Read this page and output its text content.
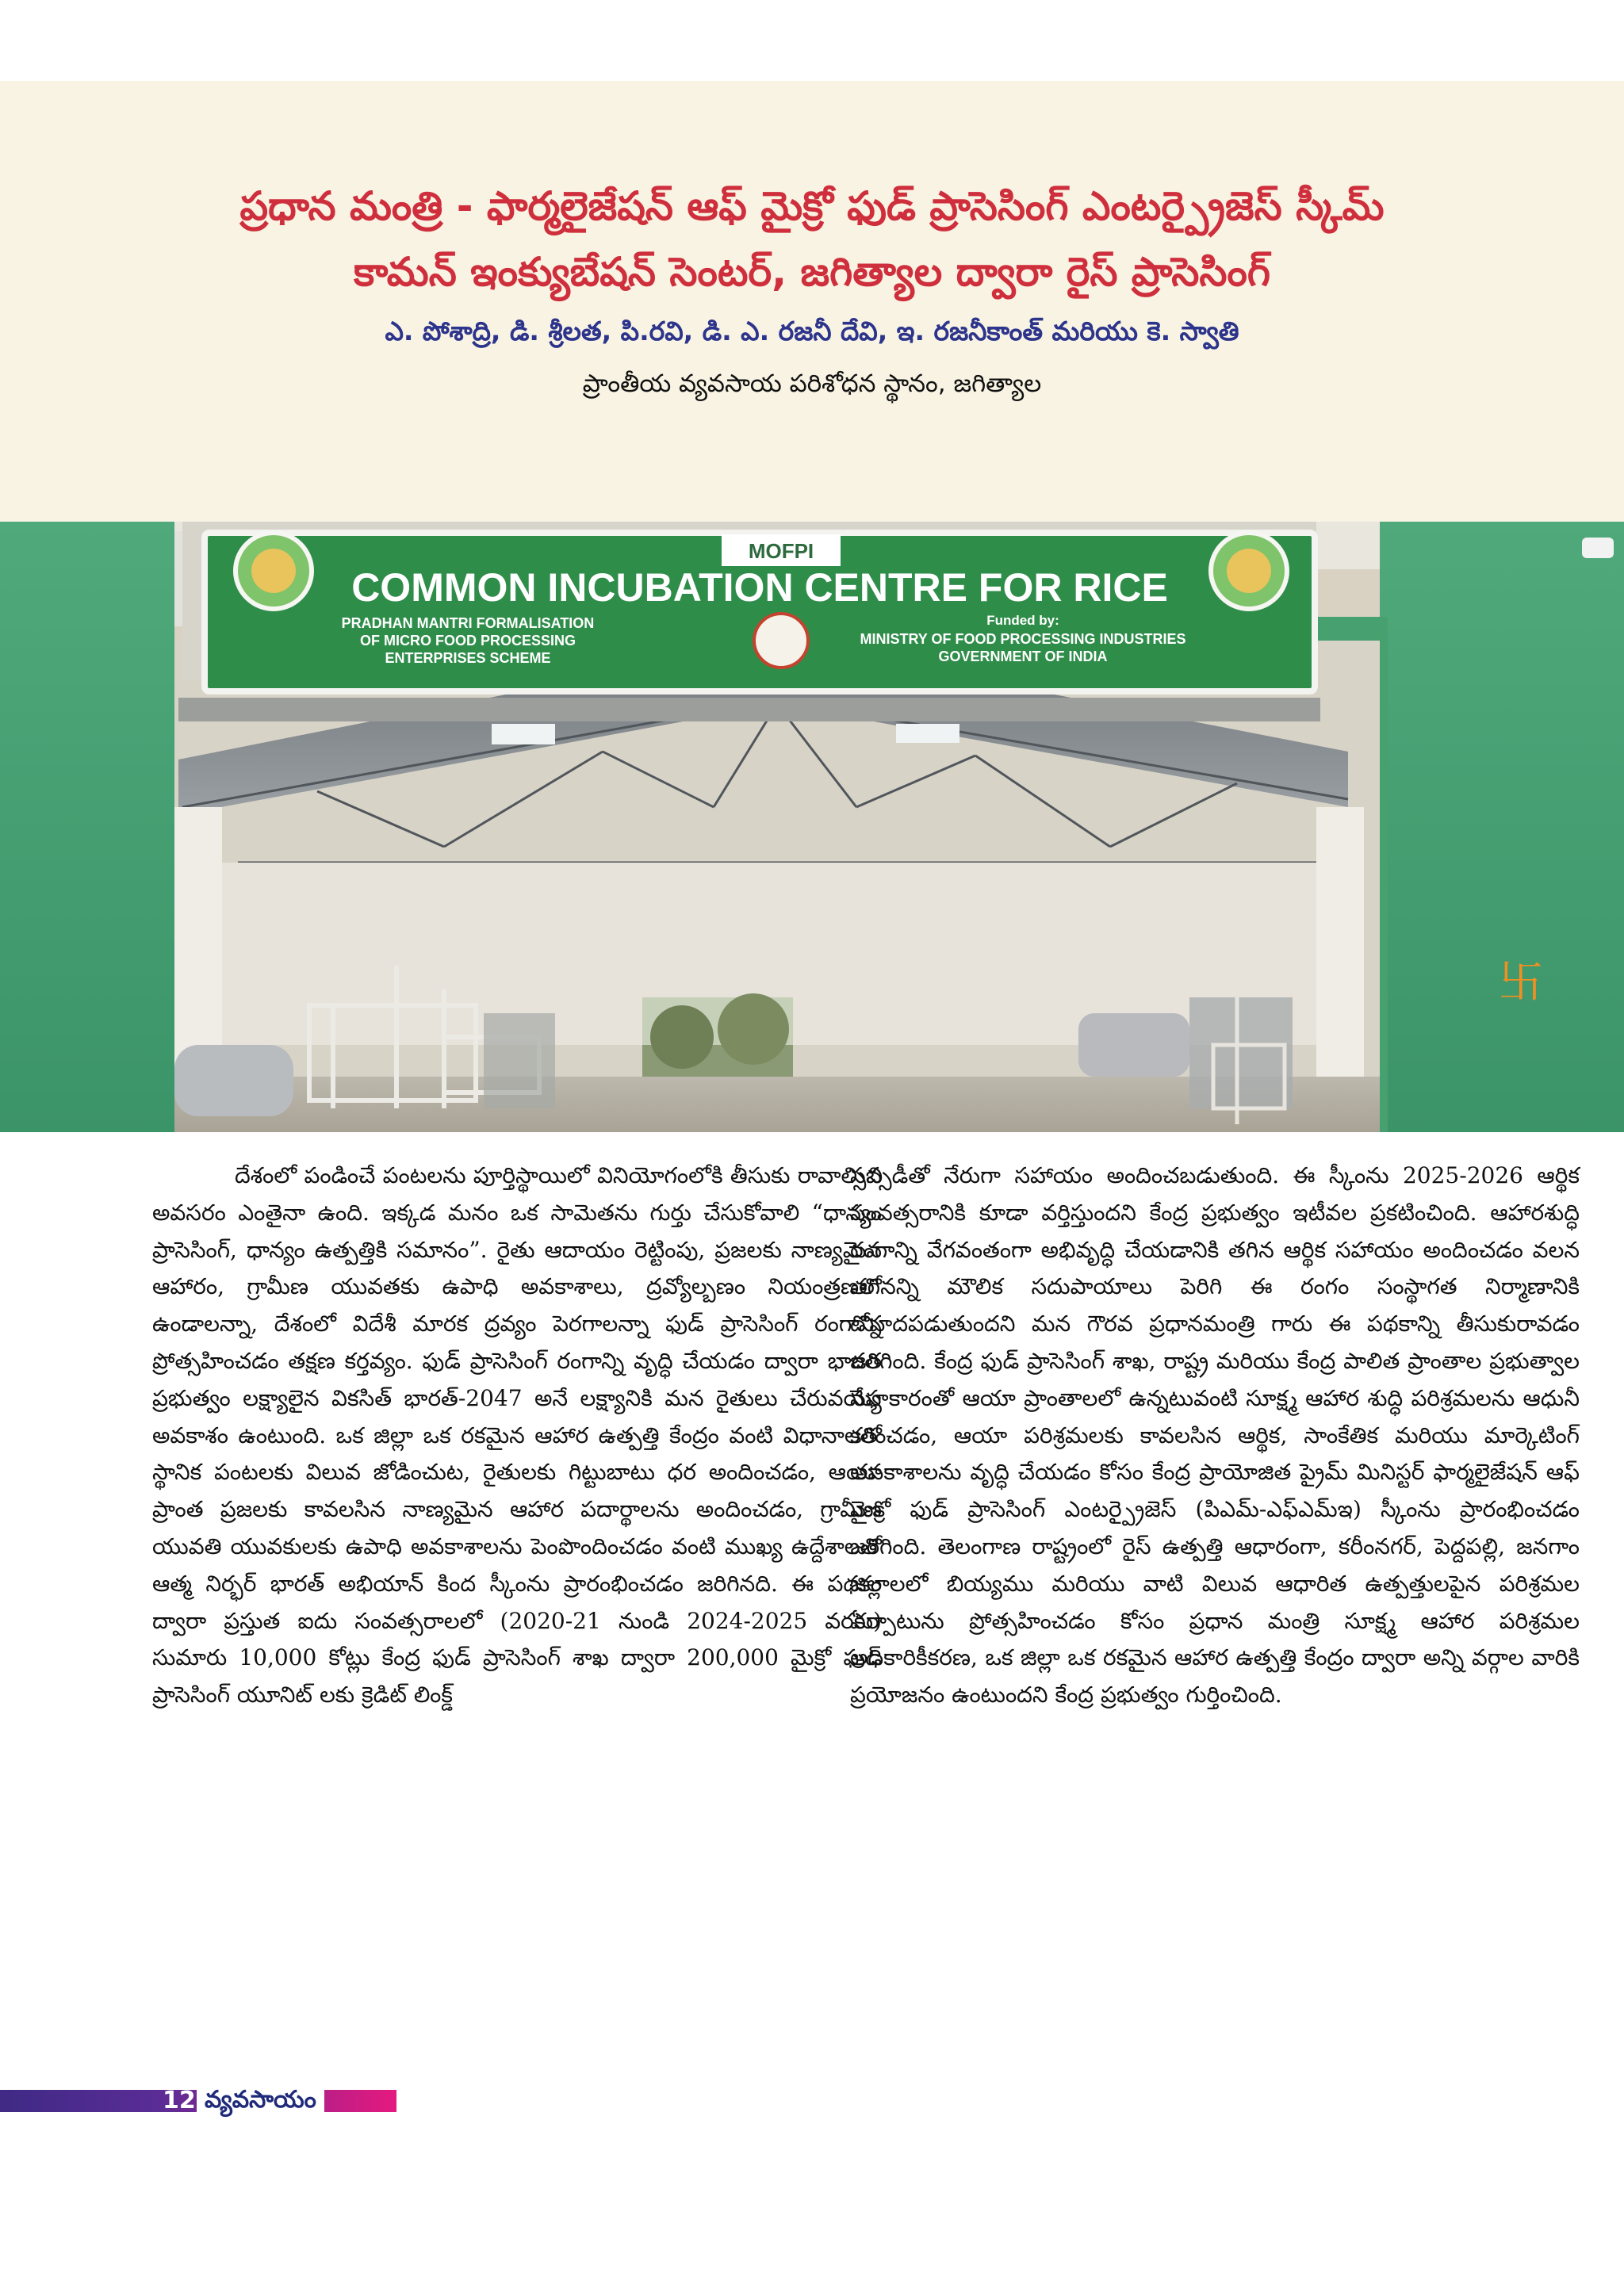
ప్రధాన మంత్రి - ఫార్మలైజేషన్ ఆఫ్ మైక్రో ఫుడ్ ప్రాసెసింగ్ ఎంటర్ప్రైజెస్ స్కీమ్
కామన్ ఇంక్యుబేషన్ సెంటర్, జగిత్యాల ద్వారా రైస్ ప్రాసెసింగ్
ఎ. పోశాద్రి, డి. శ్రీలత, పి.రవి, డి. ఎ. రజనీ దేవి, ఇ. రజనీకాంత్ మరియు కె. స్వాతి
ప్రాంతీయ వ్యవసాయ పరిశోధన స్థానం, జగిత్యాల
MOFPI
COMMON INCUBATION CENTRE FOR RICE
PRADHAN MANTRI FORMALISATION
OF MICRO FOOD PROCESSING
ENTERPRISES SCHEME
Funded by:
MINISTRY OF FOOD PROCESSING INDUSTRIES
GOVERNMENT OF INDIA
卐

దేశంలో పండించే పంటలను పూర్తిస్థాయిలో వినియోగంలోకి తీసుకు రావాల్సిన అవసరం ఎంతైనా ఉంది. ఇక్కడ మనం ఒక సామెతను గుర్తు చేసుకోవాలి “ధాన్యం ప్రాసెసింగ్, ధాన్యం ఉత్పత్తికి సమానం”. రైతు ఆదాయం రెట్టింపు, ప్రజలకు నాణ్యమైన ఆహారం, గ్రామీణ యువతకు ఉపాధి అవకాశాలు, ద్రవ్యోల్బణం నియంత్రణలో ఉండాలన్నా, దేశంలో విదేశీ మారక ద్రవ్యం పెరగాలన్నా ఫుడ్ ప్రాసెసింగ్ రంగాన్ని ప్రోత్సహించడం తక్షణ కర్తవ్యం. ఫుడ్ ప్రాసెసింగ్ రంగాన్ని వృద్ధి చేయడం ద్వారా భారత ప్రభుత్వం లక్ష్యాలైన వికసిత్ భారత్-2047 అనే లక్ష్యానికి మన రైతులు చేరువయ్యే అవకాశం ఉంటుంది. ఒక జిల్లా ఒక రకమైన ఆహార ఉత్పత్తి కేంద్రం వంటి విధానాలతో స్థానిక పంటలకు విలువ జోడించుట, రైతులకు గిట్టుబాటు ధర అందించడం, ఆయా ప్రాంత ప్రజలకు కావలసిన నాణ్యమైన ఆహార పదార్థాలను అందించడం, గ్రామీణ యువతి యువకులకు ఉపాధి అవకాశాలను పెంపొందించడం వంటి ముఖ్య ఉద్దేశాలతో ఆత్మ నిర్భర్ భారత్ అభియాన్ కింద స్కీంను ప్రారంభించడం జరిగినది. ఈ పథకం ద్వారా ప్రస్తుత ఐదు సంవత్సరాలలో (2020-21 నుండి 2024-2025 వరకు) సుమారు 10,000 కోట్లు కేంద్ర ఫుడ్ ప్రాసెసింగ్ శాఖ ద్వారా 200,000 మైక్రో ఫుడ్ ప్రాసెసింగ్ యూనిట్ లకు క్రెడిట్ లింక్డ్

సబ్సిడీతో నేరుగా సహాయం అందించబడుతుంది. ఈ స్కీంను 2025-2026 ఆర్థిక సంవత్సరానికి కూడా వర్తిస్తుందని కేంద్ర ప్రభుత్వం ఇటీవల ప్రకటించింది. ఆహారశుద్ధి రంగాన్ని వేగవంతంగా అభివృద్ధి చేయడానికి తగిన ఆర్థిక సహాయం అందించడం వలన తగినన్ని మౌలిక సదుపాయాలు పెరిగి ఈ రంగం సంస్థాగత నిర్మాణానికి దోహదపడుతుందని మన గౌరవ ప్రధానమంత్రి గారు ఈ పథకాన్ని తీసుకురావడం జరిగింది. కేంద్ర ఫుడ్ ప్రాసెసింగ్ శాఖ, రాష్ట్ర మరియు కేంద్ర పాలిత ప్రాంతాల ప్రభుత్వాల సహకారంతో ఆయా ప్రాంతాలలో ఉన్నటువంటి సూక్ష్మ ఆహార శుద్ధి పరిశ్రమలను ఆధునీ కరించడం, ఆయా పరిశ్రమలకు కావలసిన ఆర్థిక, సాంకేతిక మరియు మార్కెటింగ్ అవకాశాలను వృద్ధి చేయడం కోసం కేంద్ర ప్రాయోజిత ప్రైమ్ మినిస్టర్ ఫార్మలైజేషన్ ఆఫ్ మైక్రో ఫుడ్ ప్రాసెసింగ్ ఎంటర్ప్రైజెస్ (పిఎమ్-ఎఫ్ఎమ్ఇ) స్కీంను ప్రారంభించడం జరిగింది. తెలంగాణ రాష్ట్రంలో రైస్ ఉత్పత్తి ఆధారంగా, కరీంనగర్, పెద్దపల్లి, జనగాం జిల్లాలలో బియ్యము మరియు వాటి విలువ ఆధారిత ఉత్పత్తులపైన పరిశ్రమల ఏర్పాటును ప్రోత్సహించడం కోసం ప్రధాన మంత్రి సూక్ష్మ ఆహార పరిశ్రమల అధికారికీకరణ, ఒక జిల్లా ఒక రకమైన ఆహార ఉత్పత్తి కేంద్రం ద్వారా అన్ని వర్గాల వారికి ప్రయోజనం ఉంటుందని కేంద్ర ప్రభుత్వం గుర్తించింది.

12 వ్యవసాయం
